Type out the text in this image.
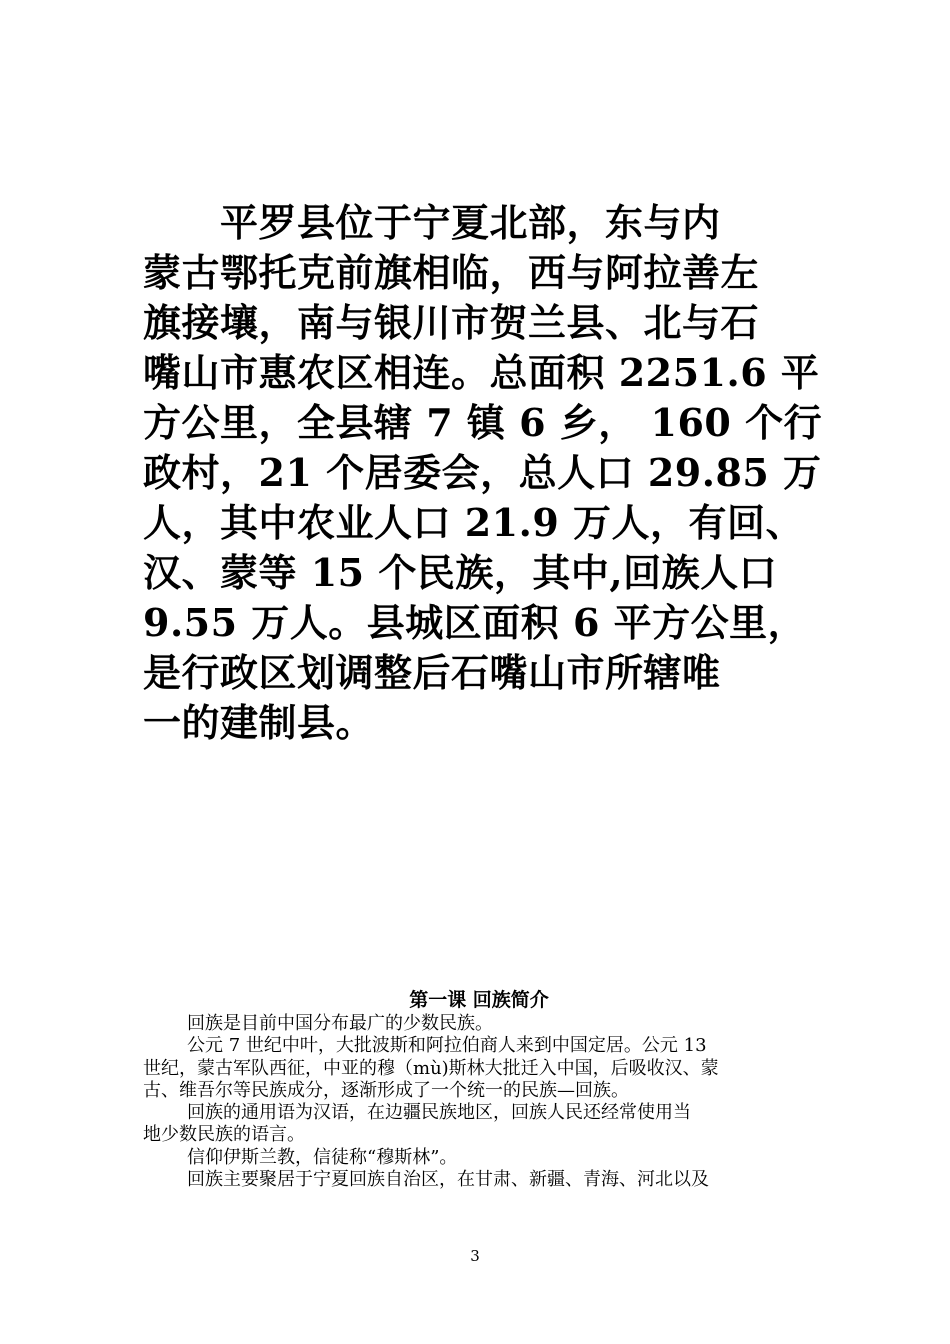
　　平罗县位于宁夏北部，东与内
蒙古鄂托克前旗相临，西与阿拉善左
旗接壤，南与银川市贺兰县、北与石
嘴山市惠农区相连。总面积 2251.6 平
方公里，全县辖 7 镇 6 乡， 160 个行
政村，21 个居委会，总人口 29.85 万
人，其中农业人口 21.9 万人，有回、
汉、蒙等 15 个民族，其中,回族人口
9.55 万人。县城区面积 6 平方公里，
是行政区划调整后石嘴山市所辖唯
一的建制县。
第一课 回族简介
回族是目前中国分布最广的少数民族。
公元 7 世纪中叶，大批波斯和阿拉伯商人来到中国定居。公元 13
世纪，蒙古军队西征，中亚的穆（mù)斯林大批迁入中国，后吸收汉、蒙
古、维吾尔等民族成分，逐渐形成了一个统一的民族—回族。
回族的通用语为汉语，在边疆民族地区，回族人民还经常使用当
地少数民族的语言。
信仰伊斯兰教，信徒称“穆斯林”。
回族主要聚居于宁夏回族自治区，在甘肃、新疆、青海、河北以及
3
